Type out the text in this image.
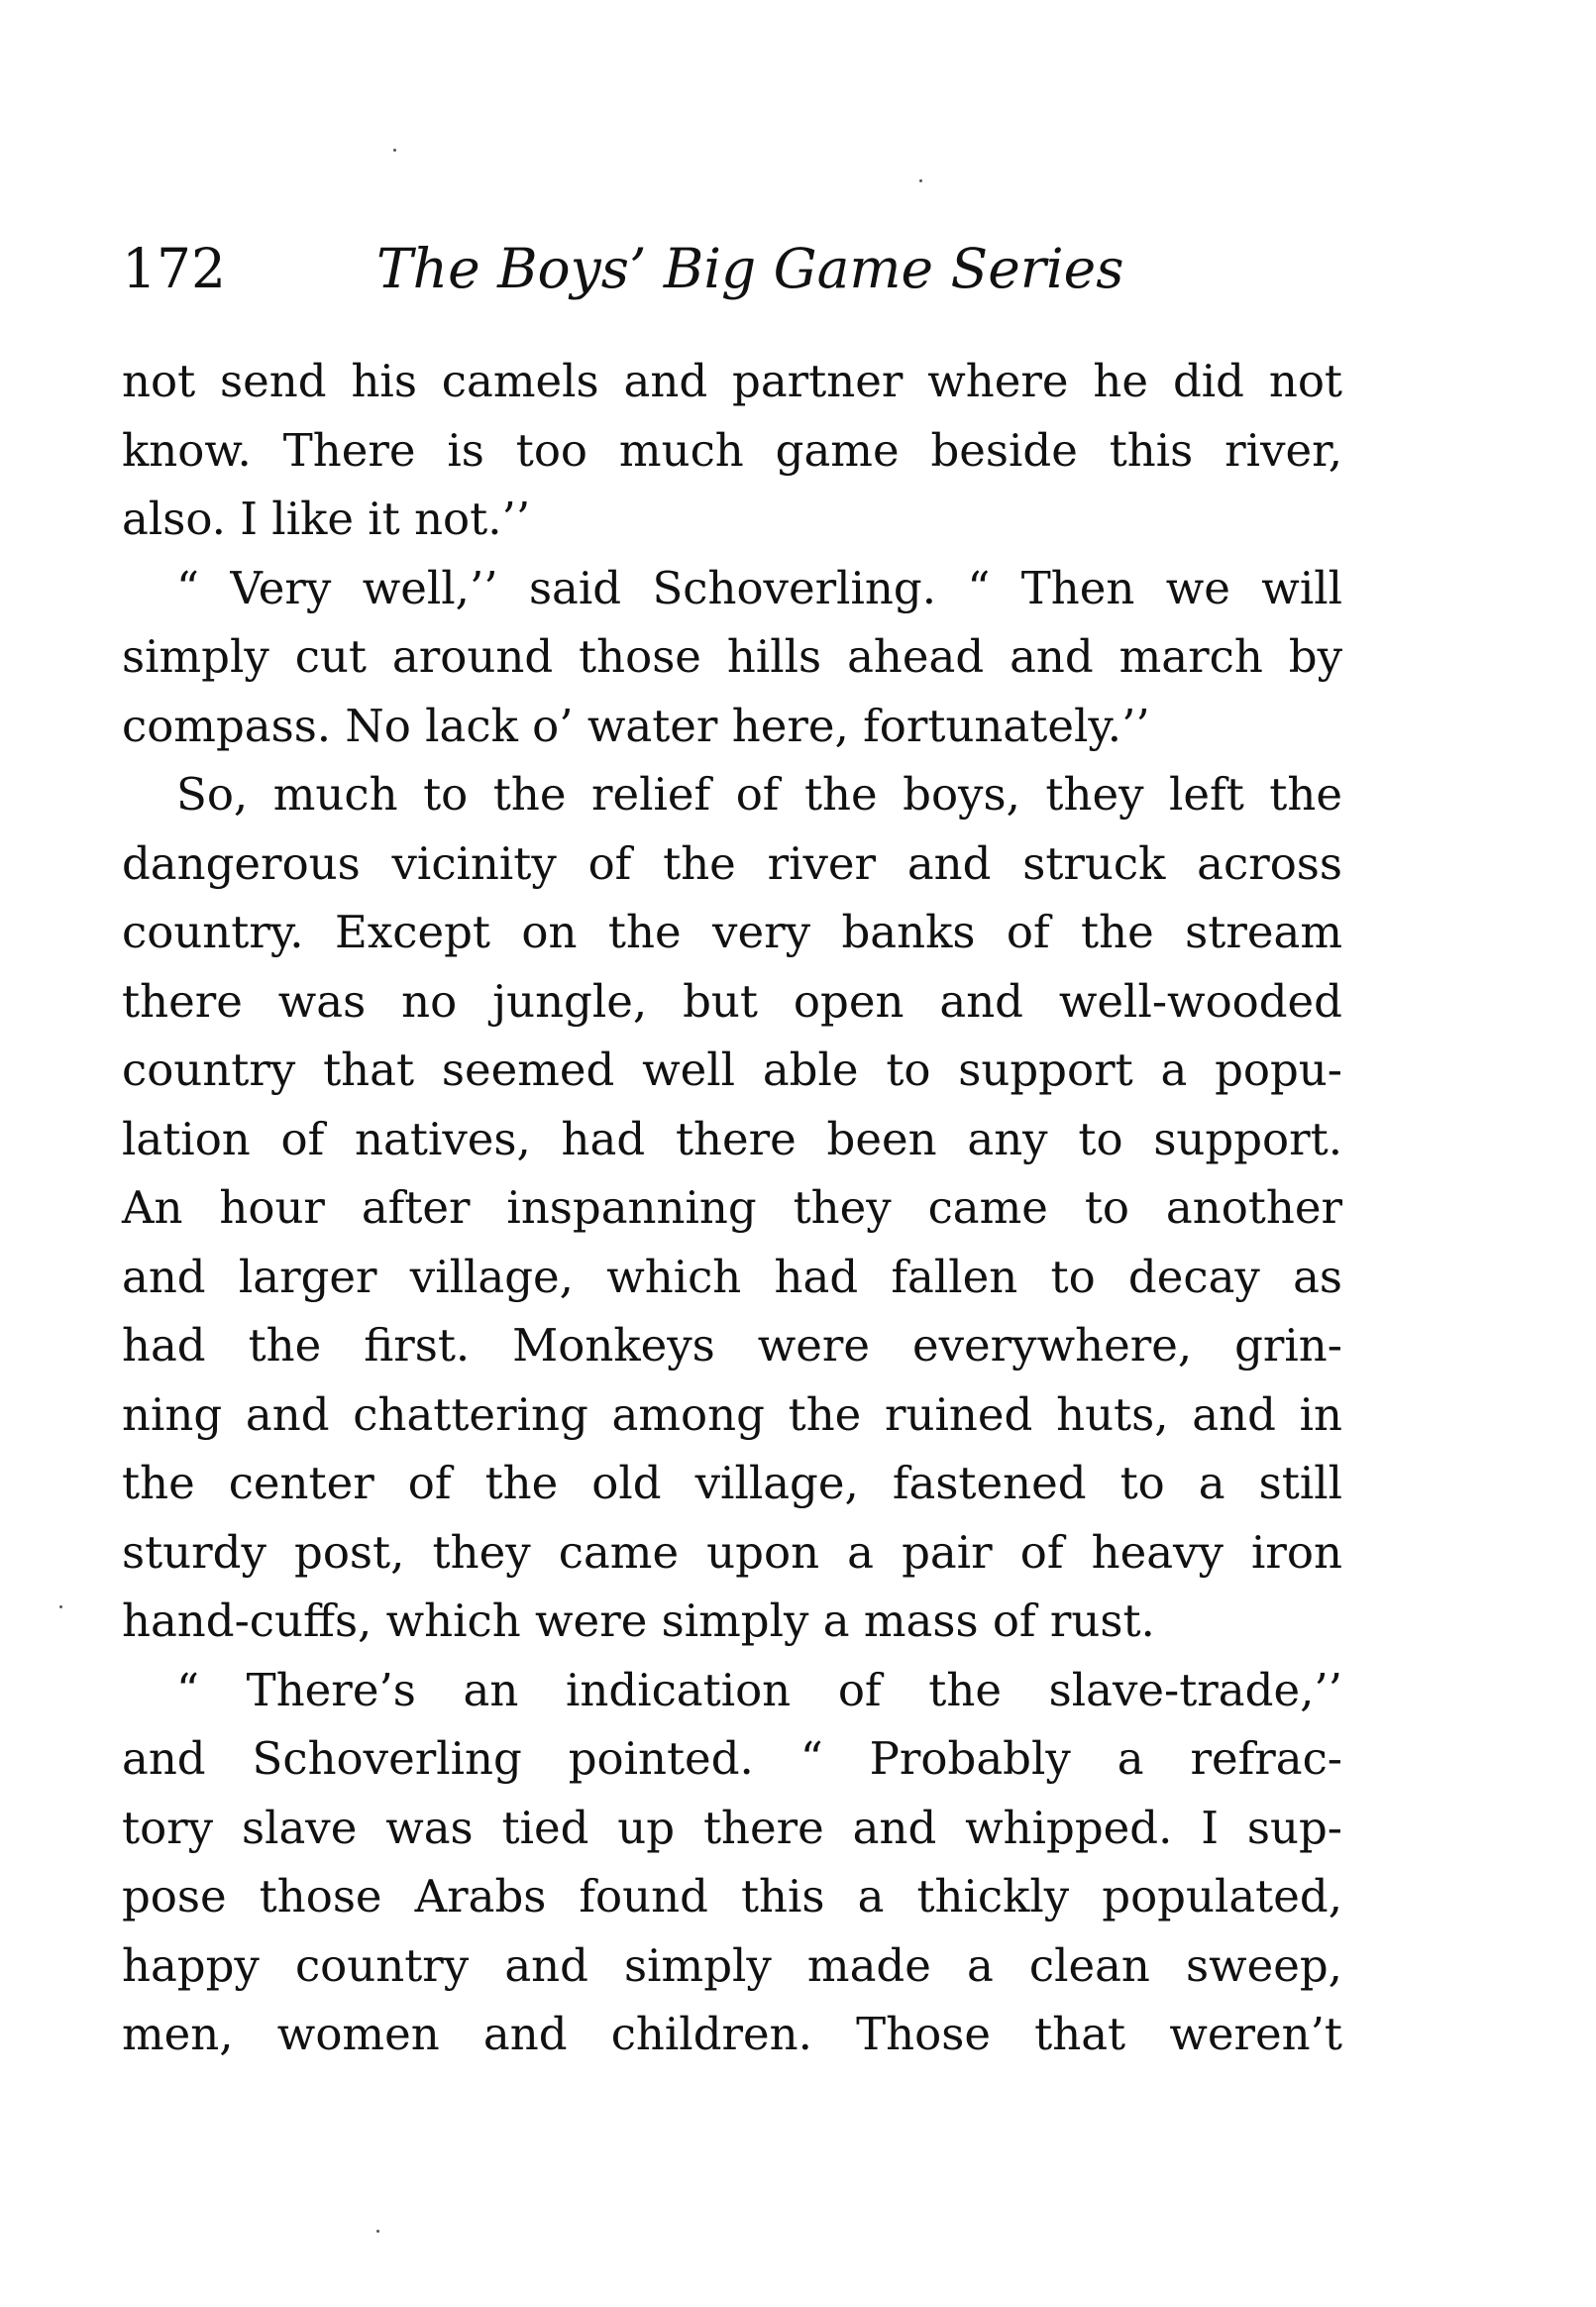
172	The Boys’ Big Game Series
not send his camels and partner where he did not
know. There is too much game beside this river,
also. I like it not.’’
“ Very well,’’ said Schoverling. “ Then we will
simply cut around those hills ahead and march by
compass. No lack o’ water here, fortunately.’’
So, much to the relief of the boys, they left the
dangerous vicinity of the river and struck across
country. Except on the very banks of the stream
there was no jungle, but open and well-wooded
country that seemed well able to support a popu-
lation of natives, had there been any to support.
An hour after inspanning they came to another
and larger village, which had fallen to decay as
had the first. Monkeys were everywhere, grin-
ning and chattering among the ruined huts, and in
the center of the old village, fastened to a still
sturdy post, they came upon a pair of heavy iron
hand-cuffs, which were simply a mass of rust.
“ There’s an indication of the slave-trade,’’
and Schoverling pointed. “ Probably a refrac-
tory slave was tied up there and whipped. I sup-
pose those Arabs found this a thickly populated,
happy country and simply made a clean sweep,
men, women and children. Those that weren’t
